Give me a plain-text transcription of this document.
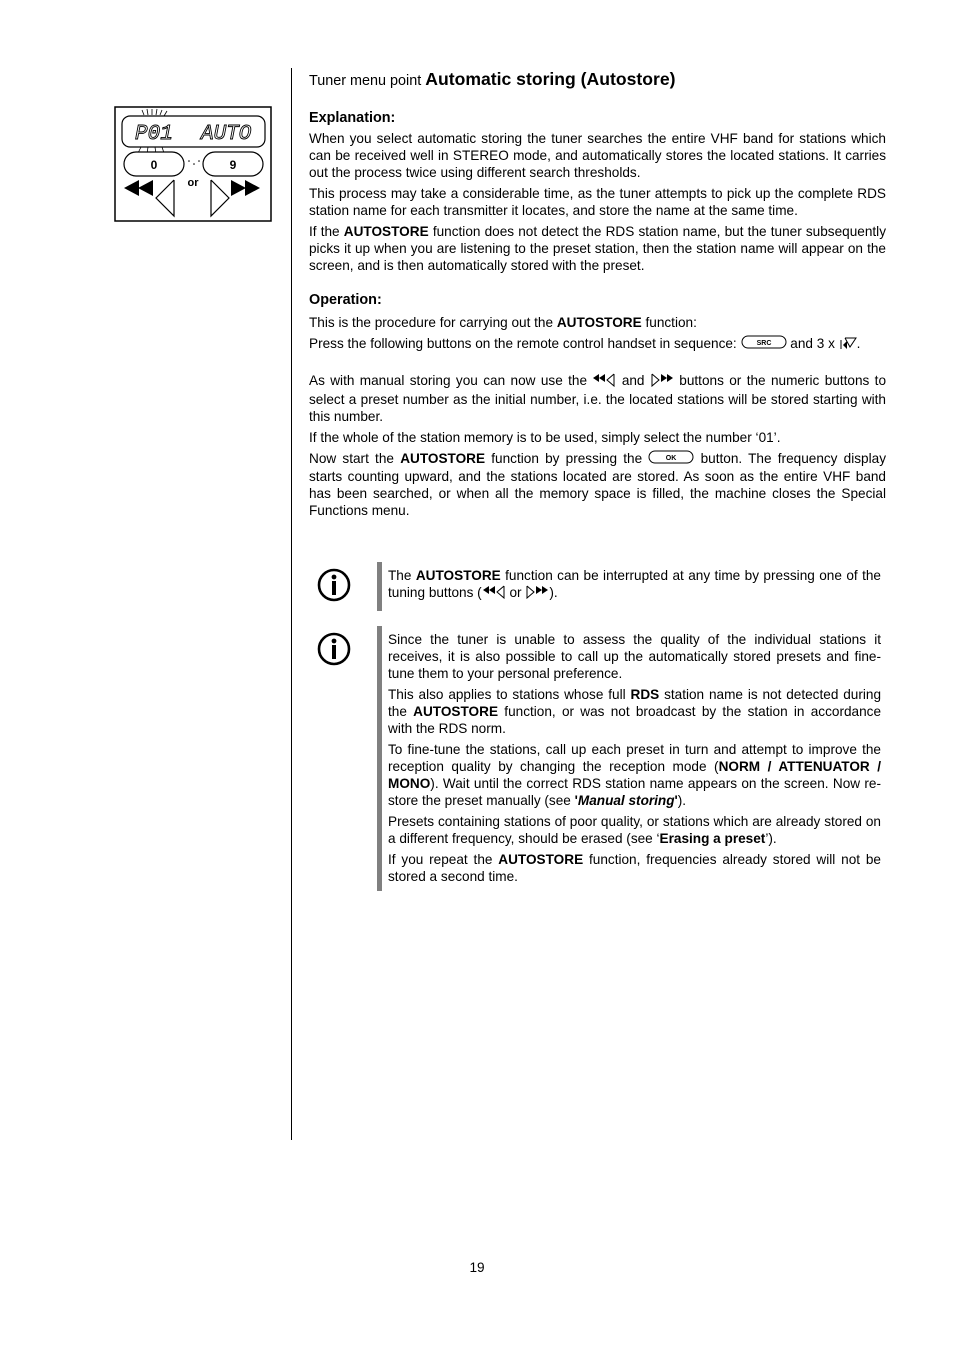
P01 AUTO
0	9
or

Tuner menu point Automatic storing (Autostore)

Explanation:

When you select automatic storing the tuner searches the entire VHF band for stations which can be received well in STEREO mode, and automatically stores the located stations. It carries out the process twice using different search thresholds.

This process may take a considerable time, as the tuner attempts to pick up the complete RDS station name for each transmitter it locates, and store the name at the same time.

If the AUTOSTORE function does not detect the RDS station name, but the tuner subsequently picks it up when you are listening to the preset station, then the station name will appear on the screen, and is then automatically stored with the preset.

Operation:

This is the procedure for carrying out the AUTOSTORE function:

Press the following buttons on the remote control handset in sequence:	SRC and 3 x .

As with manual storing you can now use the	and	buttons or the numeric buttons to select a preset number as the initial number, i.e. the located stations will be stored starting with this number.

If the whole of the station memory is to be used, simply select the number ‘01’.

Now start the AUTOSTORE function by pressing the	OK button. The frequency display starts counting upward, and the stations located are stored. As soon as the entire VHF band has been searched, or when all the memory space is filled, the machine closes the Special Functions menu.

The AUTOSTORE function can be interrupted at any time by pressing one of the tuning buttons ( or ).

Since the tuner is unable to assess the quality of the individual stations it receives, it is also possible to call up the automatically stored presets and fine-tune them to your personal preference.

This also applies to stations whose full RDS station name is not detected during the AUTOSTORE function, or was not broadcast by the station in accordance with the RDS norm.

To fine-tune the stations, call up each preset in turn and attempt to improve the reception quality by changing the reception mode (NORM / ATTENUATOR / MONO). Wait until the correct RDS station name appears on the screen. Now re-store the preset manually (see 'Manual storing').

Presets containing stations of poor quality, or stations which are already stored on a different frequency, should be erased (see ‘Erasing a preset’).

If you repeat the AUTOSTORE function, frequencies already stored will not be stored a second time.

19
